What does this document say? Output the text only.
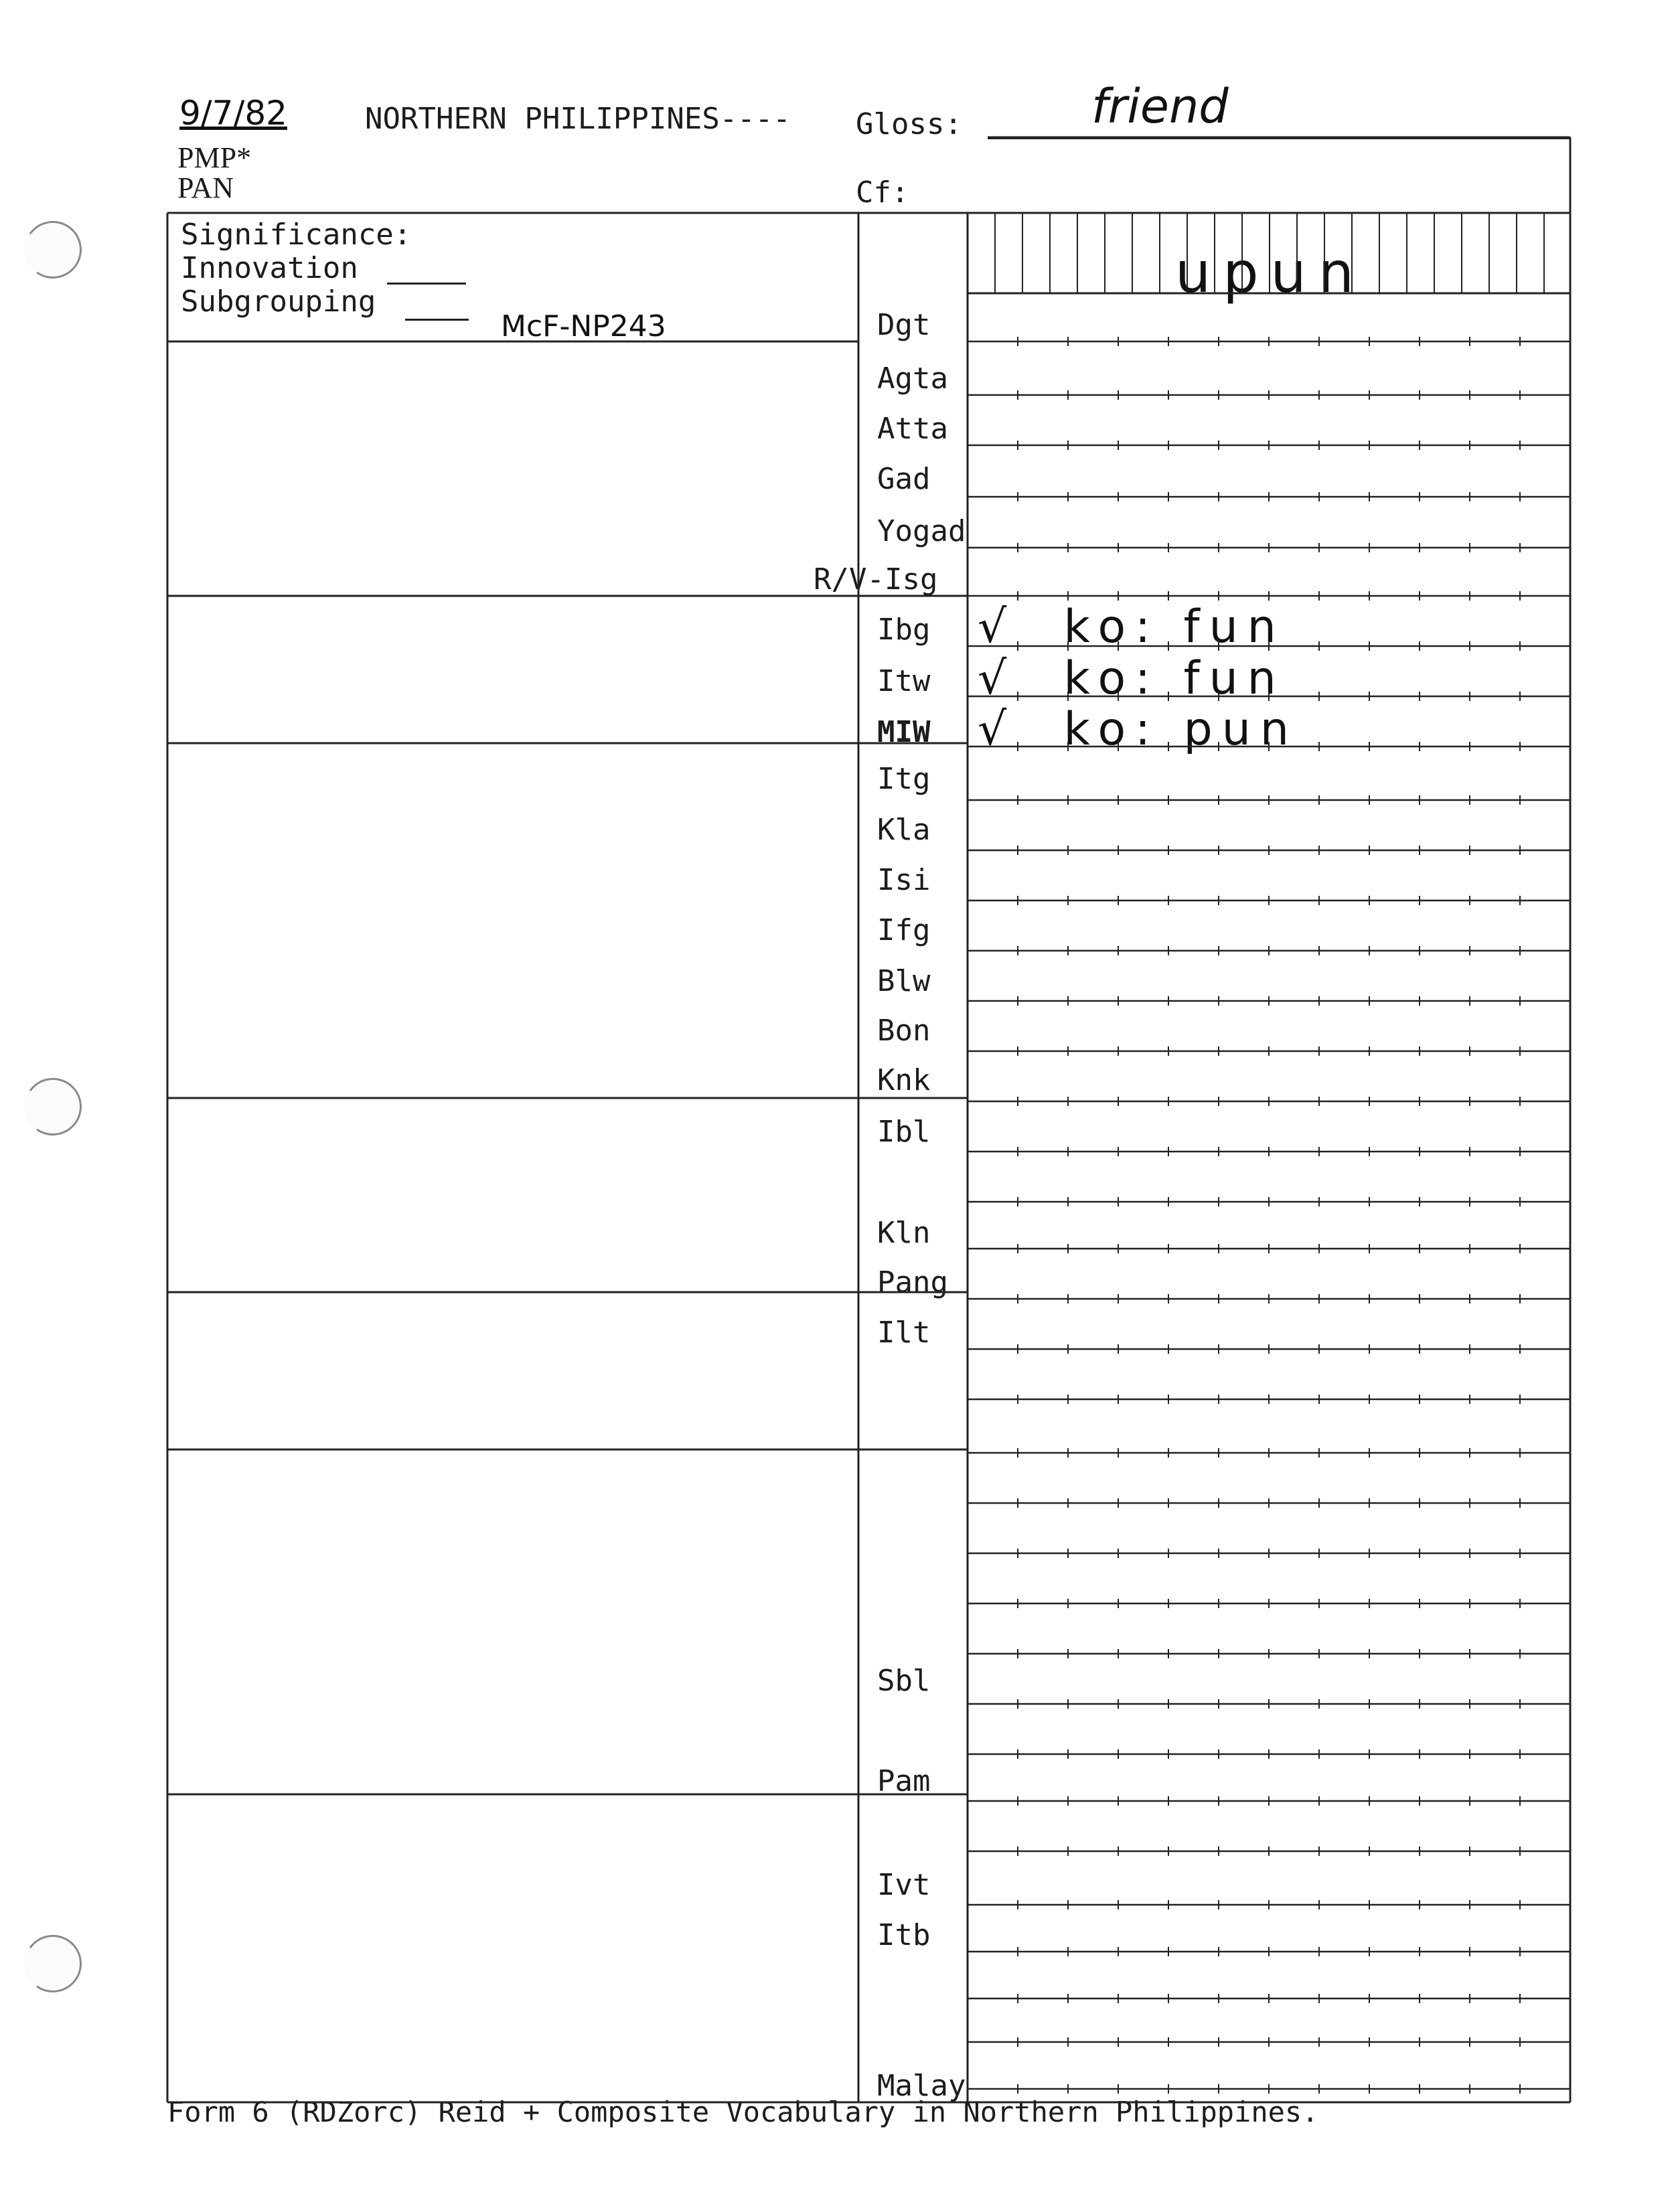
9/7/82	NORTHERN PHILIPPINES---- Gloss:	friend
PMP*
PAN	Cf:
Significance:
Innovation
Subgrouping
McF-NP243
upun
Dgt
Agta
Atta
Gad
Yogad
R/V-Isg
Ibg √  ko: fun
Itw √  ko: fun
MIW √  ko: pun
Itg
Kla
Isi
Ifg
Blw
Bon
Knk
Ibl
Kln
Pang
Ilt
Sbl
Pam
Ivt
Itb
Malay
Form 6 (RDZorc) Reid + Composite Vocabulary in Northern Philippines.
